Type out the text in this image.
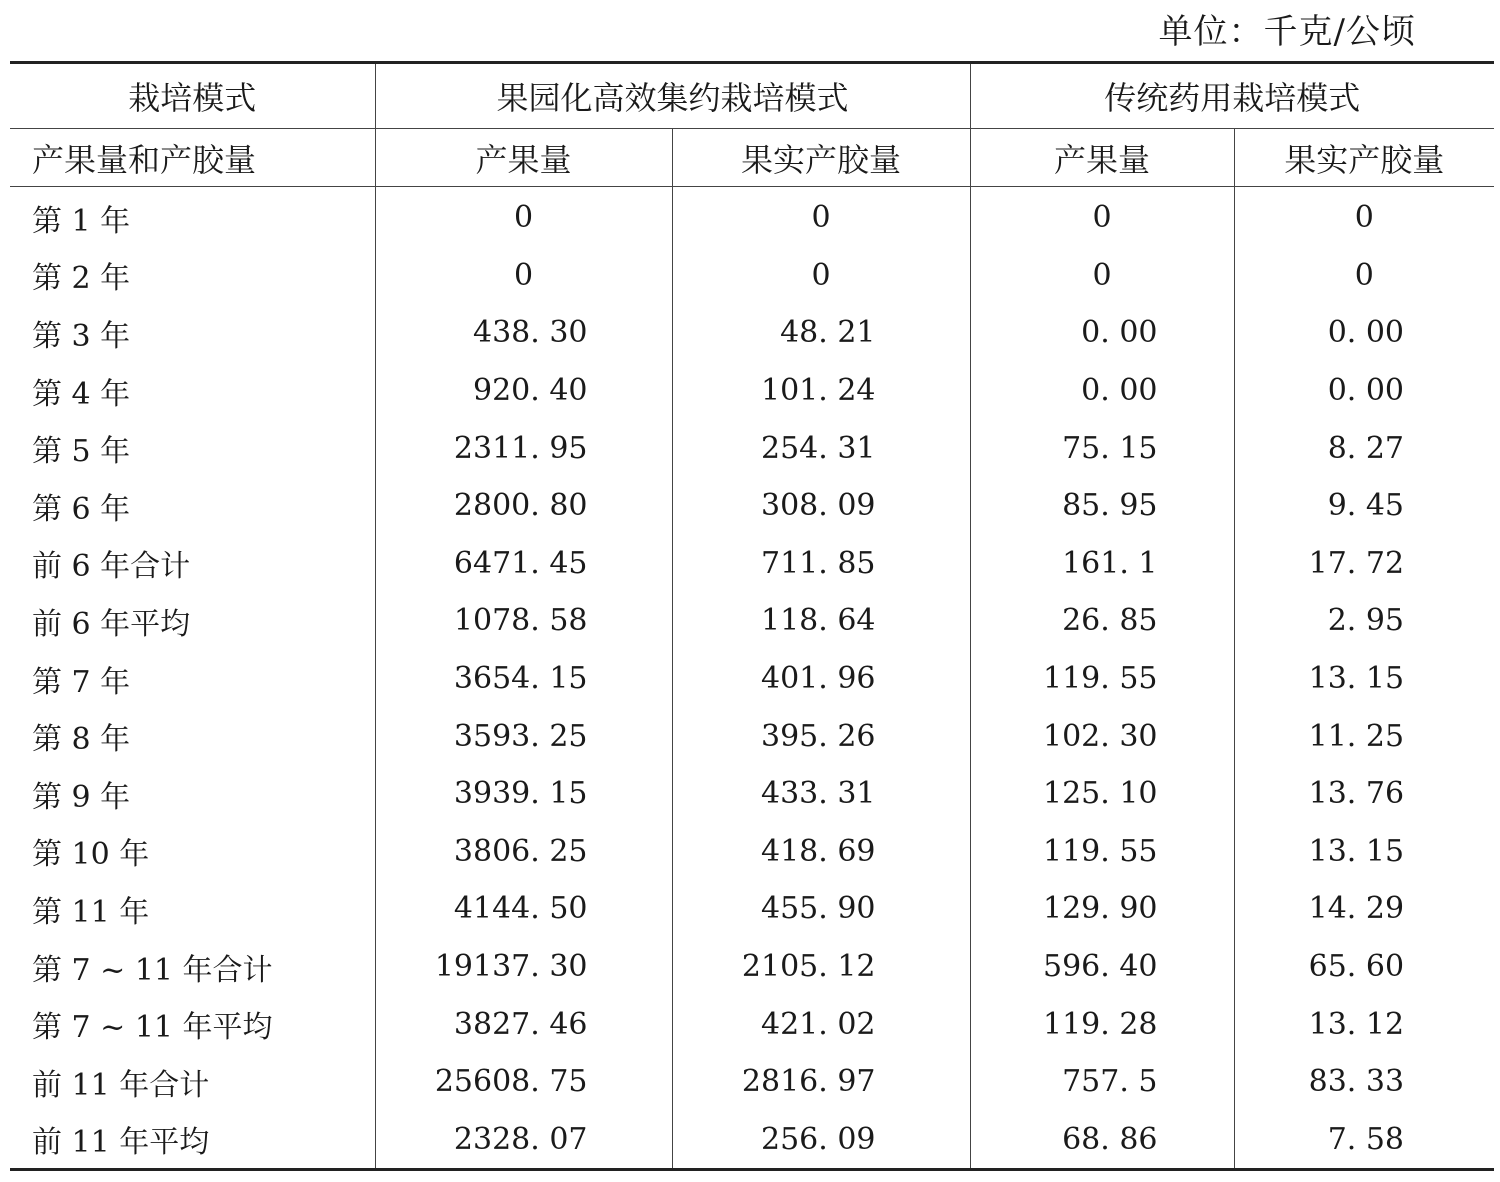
单位：千克/公顷
栽培模式	果园化高效集约栽培模式		传统药用栽培模式	
产果量和产胶量	产果量	果实产胶量	产果量	果实产胶量
第 1 年	0	0	0	0
第 2 年	0	0	0	0
第 3 年	438. 30	48. 21	0. 00	0. 00
第 4 年	920. 40	101. 24	0. 00	0. 00
第 5 年	2311. 95	254. 31	75. 15	8. 27
第 6 年	2800. 80	308. 09	85. 95	9. 45
前 6 年合计	6471. 45	711. 85	161. 1	17. 72
前 6 年平均	1078. 58	118. 64	26. 85	2. 95
第 7 年	3654. 15	401. 96	119. 55	13. 15
第 8 年	3593. 25	395. 26	102. 30	11. 25
第 9 年	3939. 15	433. 31	125. 10	13. 76
第 10 年	3806. 25	418. 69	119. 55	13. 15
第 11 年	4144. 50	455. 90	129. 90	14. 29
第 7 ~ 11 年合计	19137. 30	2105. 12	596. 40	65. 60
第 7 ~ 11 年平均	3827. 46	421. 02	119. 28	13. 12
前 11 年合计	25608. 75	2816. 97	757. 5	83. 33
前 11 年平均	2328. 07	256. 09	68. 86	7. 58
